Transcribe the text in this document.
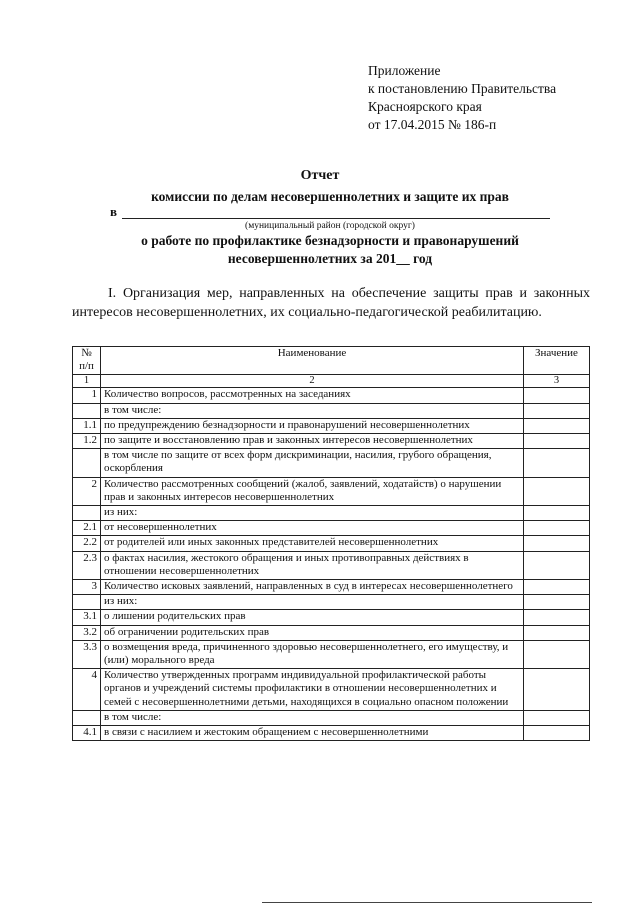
Приложение
к постановлению Правительства
Красноярского края
от 17.04.2015 № 186-п
Отчет
комиссии по делам несовершеннолетних и защите их прав
в
(муниципальный район (городской округ)
о работе по профилактике безнадзорности и правонарушений
несовершеннолетних за 201__ год
I. Организация мер, направленных на обеспечение защиты прав и законных интересов несовершеннолетних, их социально-педагогической реабилитацию.
№ п/п	Наименование	Значение
1	2	3
1	Количество вопросов, рассмотренных на заседаниях	
	в том числе:	
1.1	по предупреждению безнадзорности и правонарушений несовершеннолетних	
1.2	по защите и восстановлению прав и законных интересов несовершеннолетних	
	в том числе по защите от всех форм дискриминации, насилия, грубого обращения, оскорбления	
2	Количество рассмотренных сообщений (жалоб, заявлений, ходатайств) о нарушении прав и законных интересов несовершеннолетних	
	из них:	
2.1	от несовершеннолетних	
2.2	от родителей или иных законных представителей несовершеннолетних	
2.3	о фактах насилия, жестокого обращения и иных противоправных действиях в отношении несовершеннолетних	
3	Количество исковых заявлений, направленных в суд в интересах несовершеннолетнего	
	из них:	
3.1	о лишении родительских прав	
3.2	об ограничении родительских прав	
3.3	о возмещения вреда, причиненного здоровью несовершеннолетнего, его имуществу, и (или) морального вреда	
4	Количество утвержденных программ индивидуальной профилактической работы органов и учреждений системы профилактики в отношении несовершеннолетних и семей с несовершеннолетними детьми, находящихся в социально опасном положении	
	в том числе:	
4.1	в связи с насилием и жестоким обращением с несовершеннолетними	
